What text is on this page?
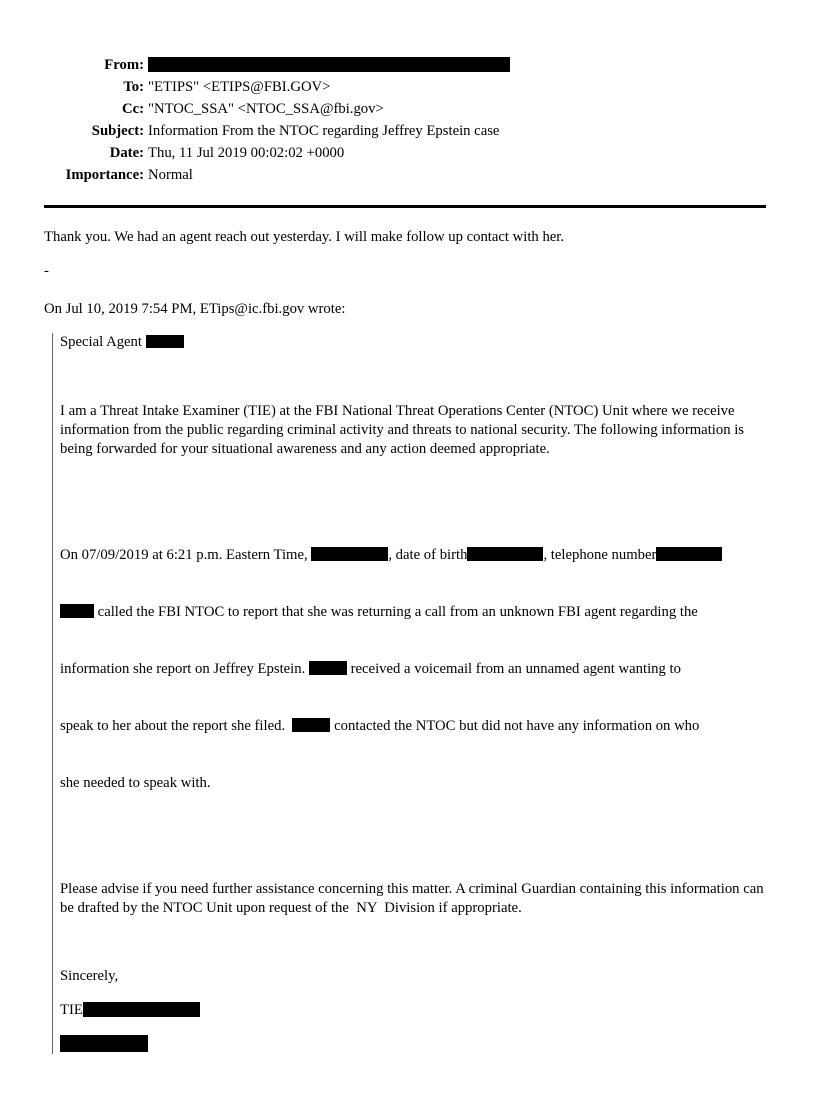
From:
To: "ETIPS" <ETIPS@FBI.GOV>
Cc: "NTOC_SSA" <NTOC_SSA@fbi.gov>
Subject: Information From the NTOC regarding Jeffrey Epstein case
Date: Thu, 11 Jul 2019 00:02:02 +0000
Importance: Normal

Thank you. We had an agent reach out yesterday. I will make follow up contact with her.

-

On Jul 10, 2019 7:54 PM, ETips@ic.fbi.gov wrote:

Special Agent

I am a Threat Intake Examiner (TIE) at the FBI National Threat Operations Center (NTOC) Unit where we receive information from the public regarding criminal activity and threats to national security. The following information is being forwarded for your situational awareness and any action deemed appropriate.

On 07/09/2019 at 6:21 p.m. Eastern Time,	, date of birth	, telephone number

called the FBI NTOC to report that she was returning a call from an unknown FBI agent regarding the

information she report on Jeffrey Epstein.	received a voicemail from an unnamed agent wanting to

speak to her about the report she filed.	contacted the NTOC but did not have any information on who

she needed to speak with.

Please advise if you need further assistance concerning this matter. A criminal Guardian containing this information can be drafted by the NTOC Unit upon request of the  NY  Division if appropriate.

Sincerely,

TIE
